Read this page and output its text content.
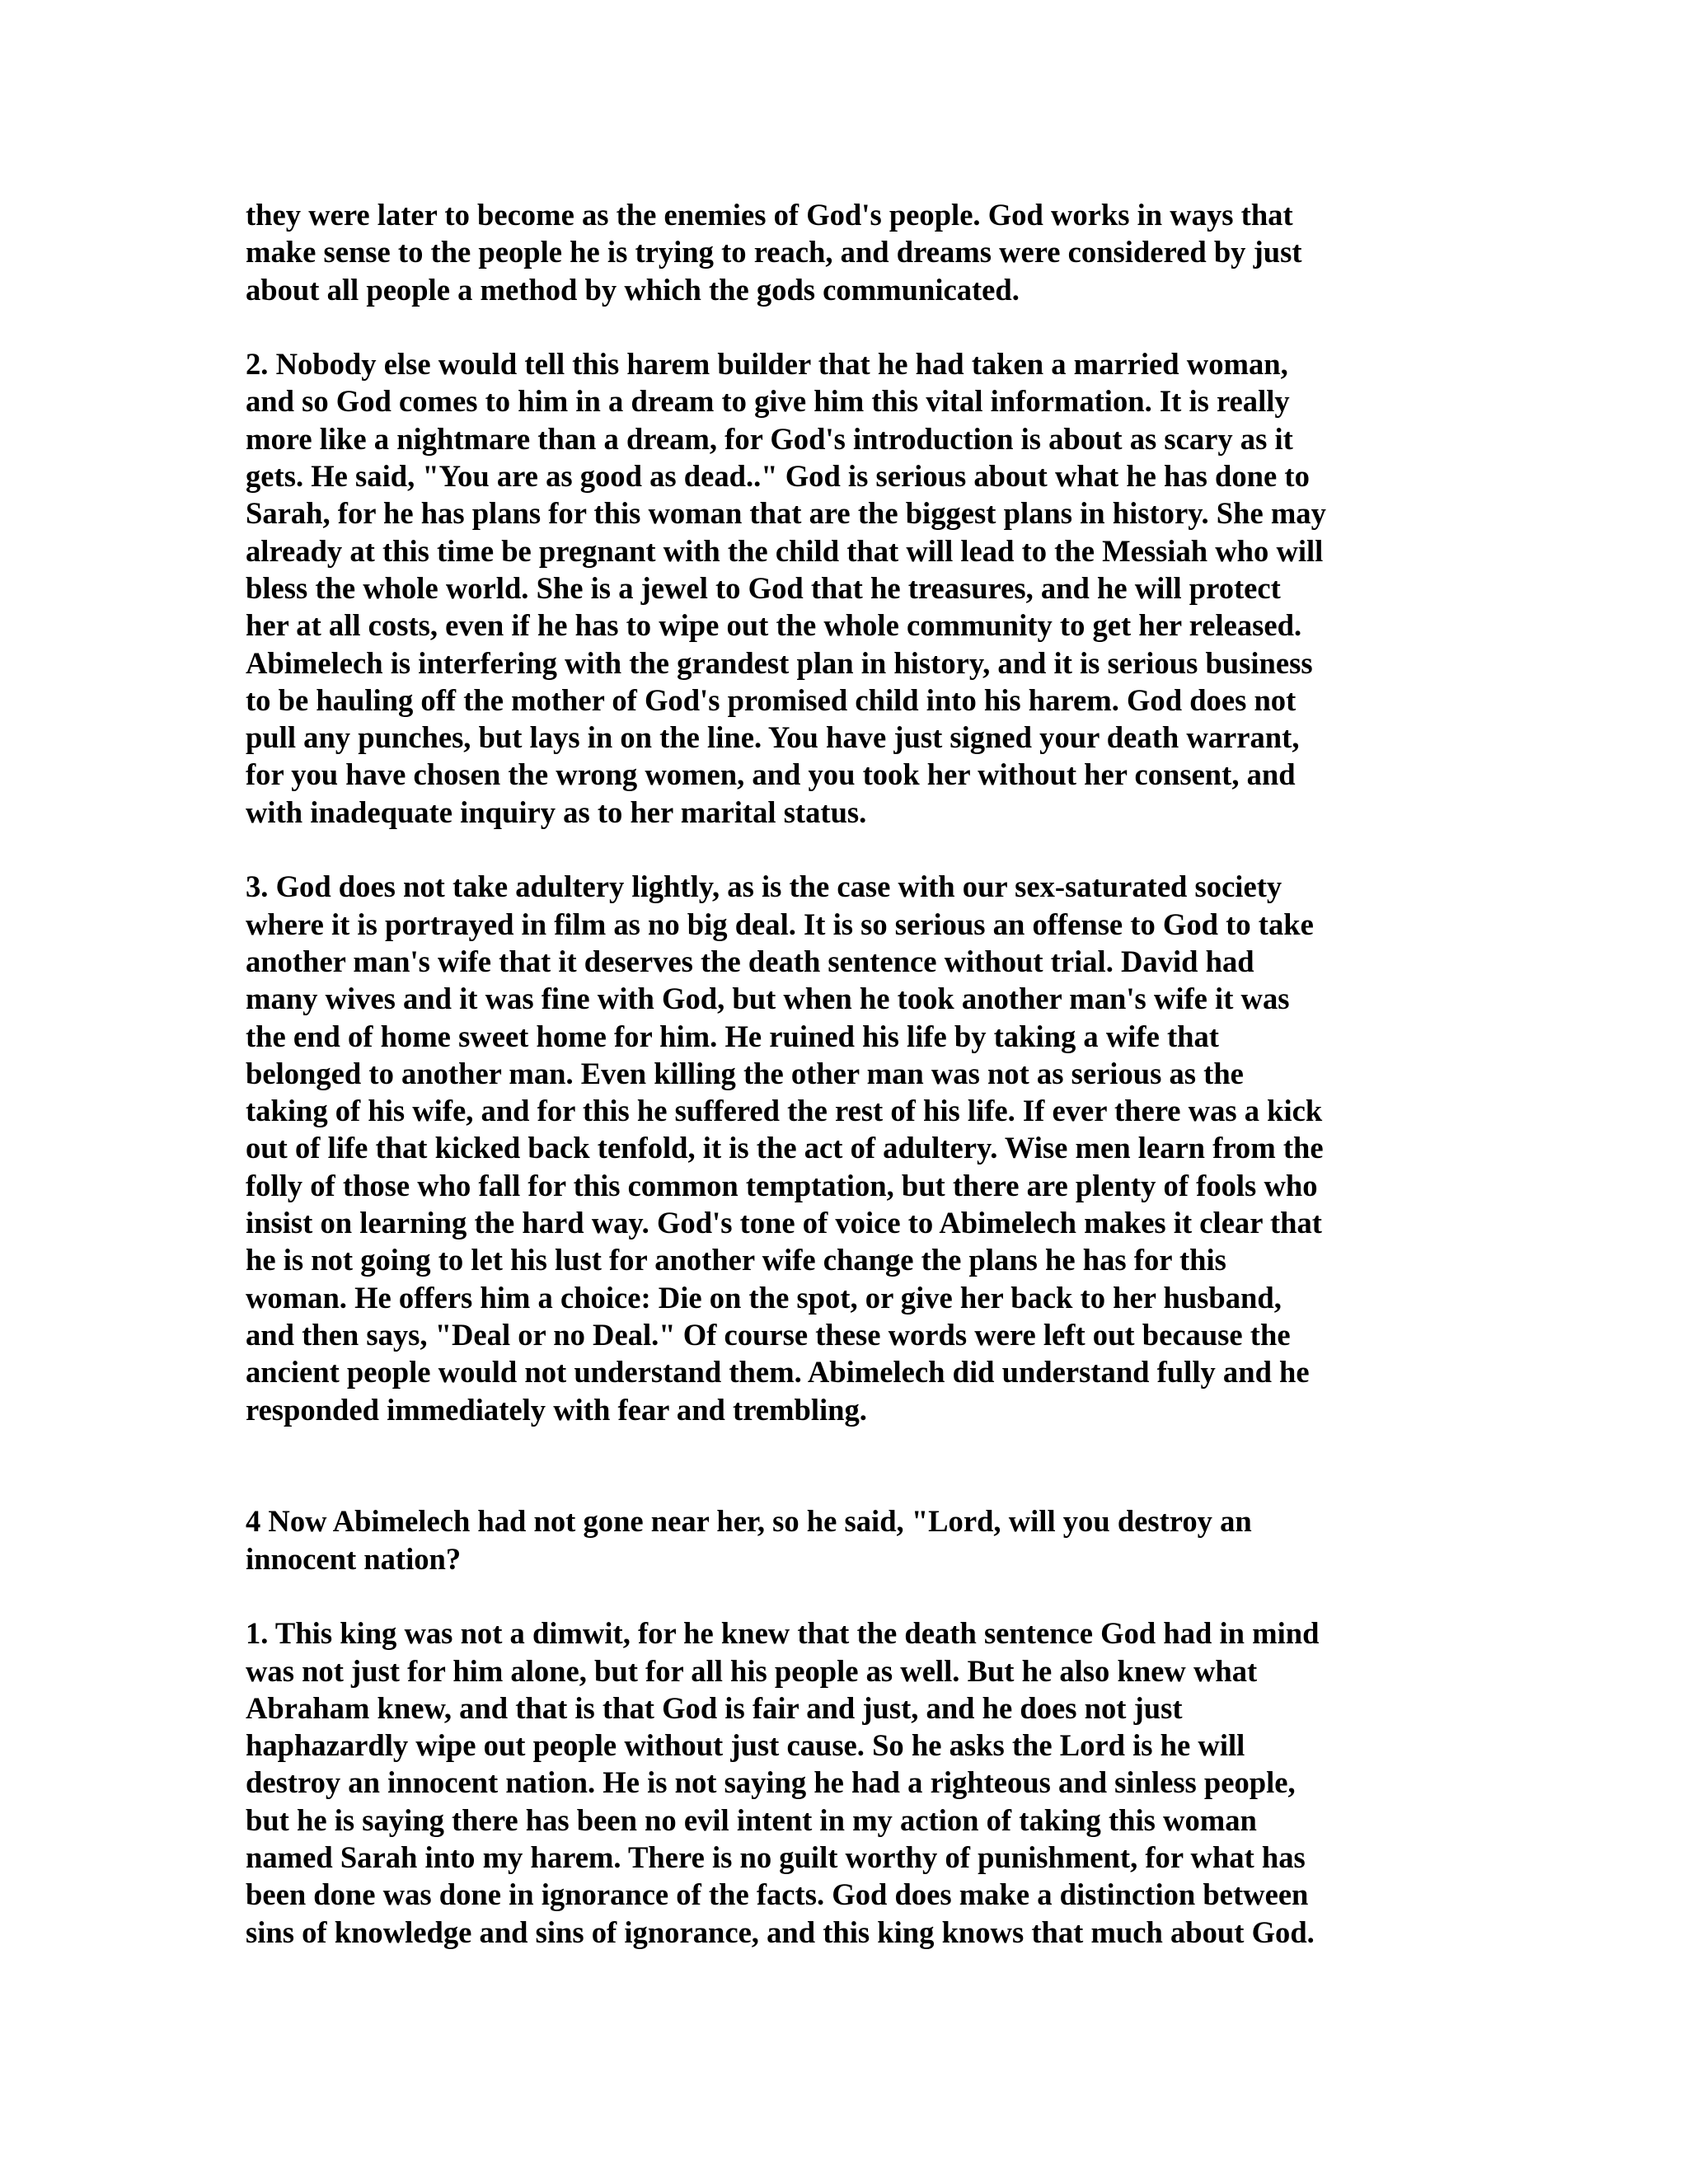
they were later to become as the enemies of God's people. God works in ways that
make sense to the people he is trying to reach, and dreams were considered by just
about all people a method by which the gods communicated.

2. Nobody else would tell this harem builder that he had taken a married woman,
and so God comes to him in a dream to give him this vital information. It is really
more like a nightmare than a dream, for God's introduction is about as scary as it
gets. He said, "You are as good as dead.." God is serious about what he has done to
Sarah, for he has plans for this woman that are the biggest plans in history. She may
already at this time be pregnant with the child that will lead to the Messiah who will
bless the whole world. She is a jewel to God that he treasures, and he will protect
her at all costs, even if he has to wipe out the whole community to get her released.
Abimelech is interfering with the grandest plan in history, and it is serious business
to be hauling off the mother of God's promised child into his harem. God does not
pull any punches, but lays in on the line. You have just signed your death warrant,
for you have chosen the wrong women, and you took her without her consent, and
with inadequate inquiry as to her marital status.

3. God does not take adultery lightly, as is the case with our sex-saturated society
where it is portrayed in film as no big deal. It is so serious an offense to God to take
another man's wife that it deserves the death sentence without trial. David had
many wives and it was fine with God, but when he took another man's wife it was
the end of home sweet home for him. He ruined his life by taking a wife that
belonged to another man. Even killing the other man was not as serious as the
taking of his wife, and for this he suffered the rest of his life. If ever there was a kick
out of life that kicked back tenfold, it is the act of adultery. Wise men learn from the
folly of those who fall for this common temptation, but there are plenty of fools who
insist on learning the hard way. God's tone of voice to Abimelech makes it clear that
he is not going to let his lust for another wife change the plans he has for this
woman. He offers him a choice: Die on the spot, or give her back to her husband,
and then says, "Deal or no Deal." Of course these words were left out because the
ancient people would not understand them. Abimelech did understand fully and he
responded immediately with fear and trembling.

4 Now Abimelech had not gone near her, so he said, "Lord, will you destroy an
innocent nation?

1. This king was not a dimwit, for he knew that the death sentence God had in mind
was not just for him alone, but for all his people as well. But he also knew what
Abraham knew, and that is that God is fair and just, and he does not just
haphazardly wipe out people without just cause. So he asks the Lord is he will
destroy an innocent nation. He is not saying he had a righteous and sinless people,
but he is saying there has been no evil intent in my action of taking this woman
named Sarah into my harem. There is no guilt worthy of punishment, for what has
been done was done in ignorance of the facts. God does make a distinction between
sins of knowledge and sins of ignorance, and this king knows that much about God.
